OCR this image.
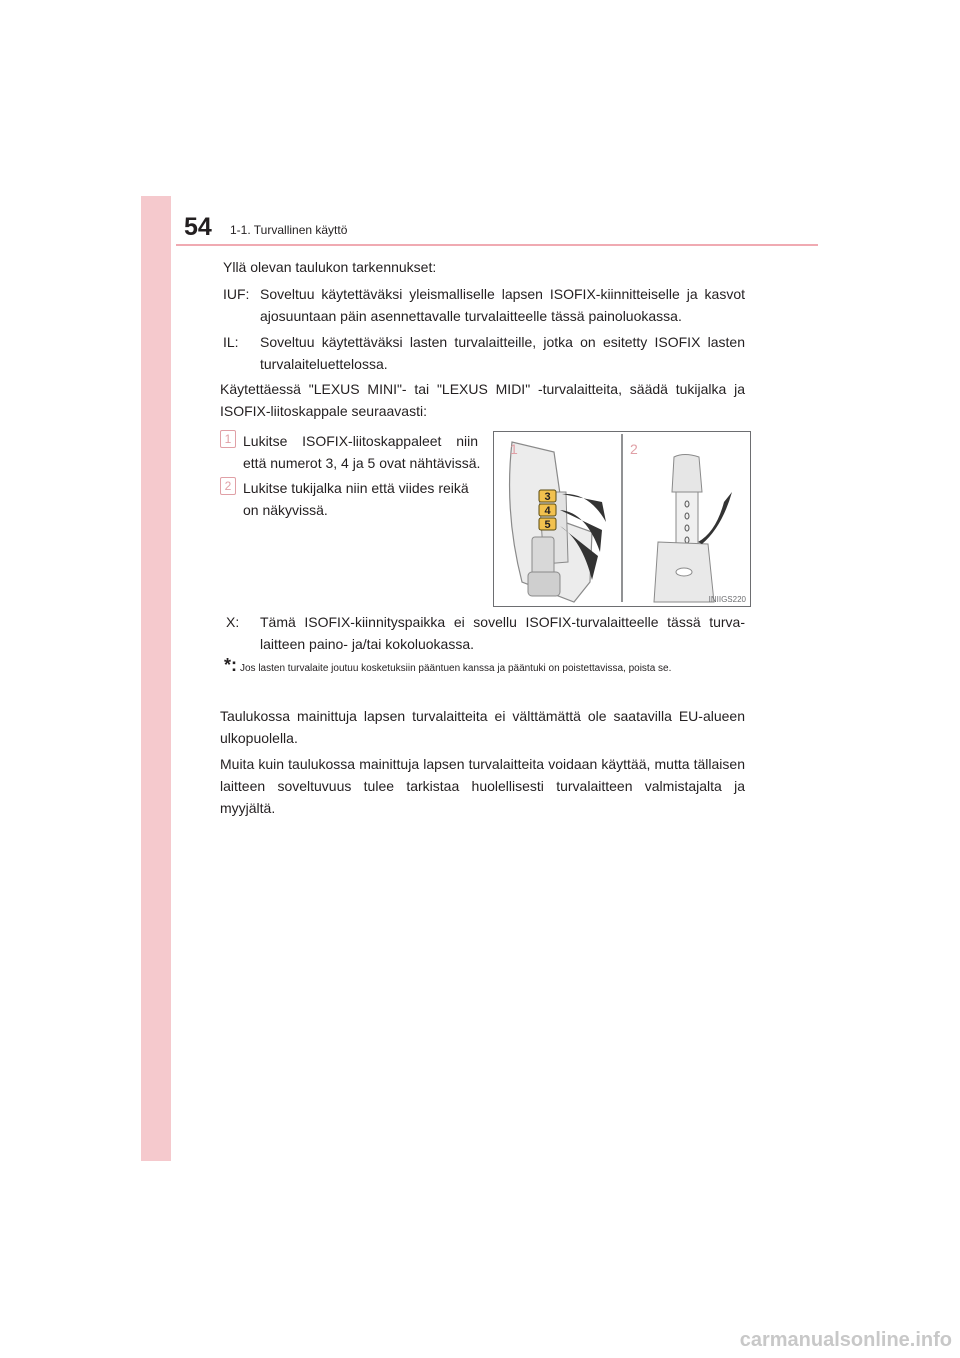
54 1-1. Turvallinen käyttö
Yllä olevan taulukon tarkennukset:
IUF: Soveltuu käytettäväksi yleismalliselle lapsen ISOFIX-kiinnitteiselle ja kasvot ajosuuntaan päin asennettavalle turvalaitteelle tässä painoluokassa.
IL: Soveltuu käytettäväksi lasten turvalaitteille, jotka on esitetty ISOFIX lasten turvalaiteluettelossa.
Käytettäessä "LEXUS MINI"- tai "LEXUS MIDI" -turvalaitteita, säädä tukijalka ja ISOFIX-liitoskappale seuraavasti:
1 Lukitse ISOFIX-liitoskappaleet niin
että numerot 3, 4 ja 5 ovat nähtävissä.
2 Lukitse tukijalka niin että viides reikä
on näkyvissä.
3
4
5
1	2
INIIGS220
X: Tämä ISOFIX-kiinnityspaikka ei sovellu ISOFIX-turvalaitteelle tässä turva-laitteen paino- ja/tai kokoluokassa.
*: Jos lasten turvalaite joutuu kosketuksiin pääntuen kanssa ja pääntuki on poistettavissa, poista se.
Taulukossa mainittuja lapsen turvalaitteita ei välttämättä ole saatavilla EU-alueen ulkopuolella.
Muita kuin taulukossa mainittuja lapsen turvalaitteita voidaan käyttää, mutta tällaisen laitteen soveltuvuus tulee tarkistaa huolellisesti turvalaitteen valmistajalta ja myyjältä.
carmanualsonline.info
